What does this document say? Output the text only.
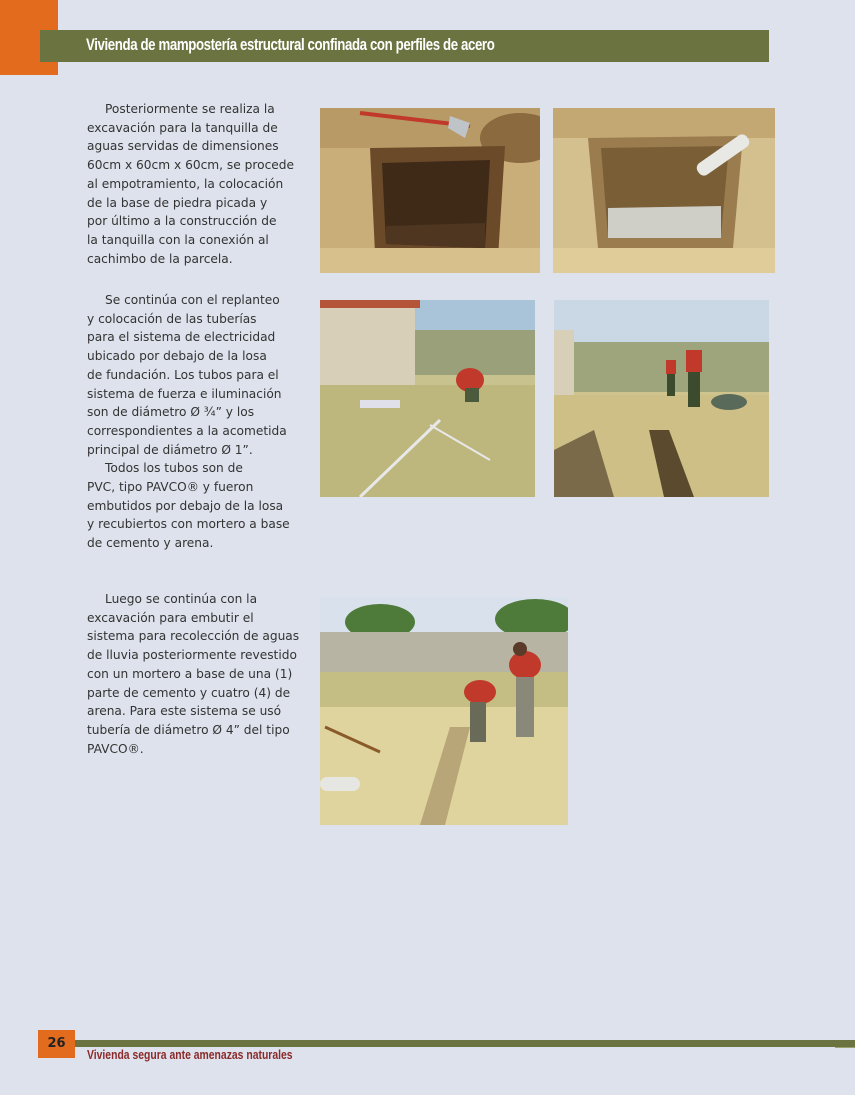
Vivienda de mampostería estructural confinada con perfiles de acero

Posteriormente se realiza la
excavación para la tanquilla de
aguas servidas de dimensiones
60cm x 60cm x 60cm, se procede
al empotramiento, la colocación
de la base de piedra picada y
por último a la construcción de
la tanquilla con la conexión al
cachimbo de la parcela.

Se continúa con el replanteo
y colocación de las tuberías
para el sistema de electricidad
ubicado por debajo de la losa
de fundación. Los tubos para el
sistema de fuerza e iluminación
son de diámetro Ø ¾” y los
correspondientes a la acometida
principal de diámetro Ø 1”.
Todos los tubos son de
PVC, tipo PAVCO® y fueron
embutidos por debajo de la losa
y recubiertos con mortero a base
de cemento y arena.

Luego se continúa con la
excavación para embutir el
sistema para recolección de aguas
de lluvia posteriormente revestido
con un mortero a base de una (1)
parte de cemento y cuatro (4) de
arena. Para este sistema se usó
tubería de diámetro Ø 4” del tipo
PAVCO®.

26
Vivienda segura ante amenazas naturales
